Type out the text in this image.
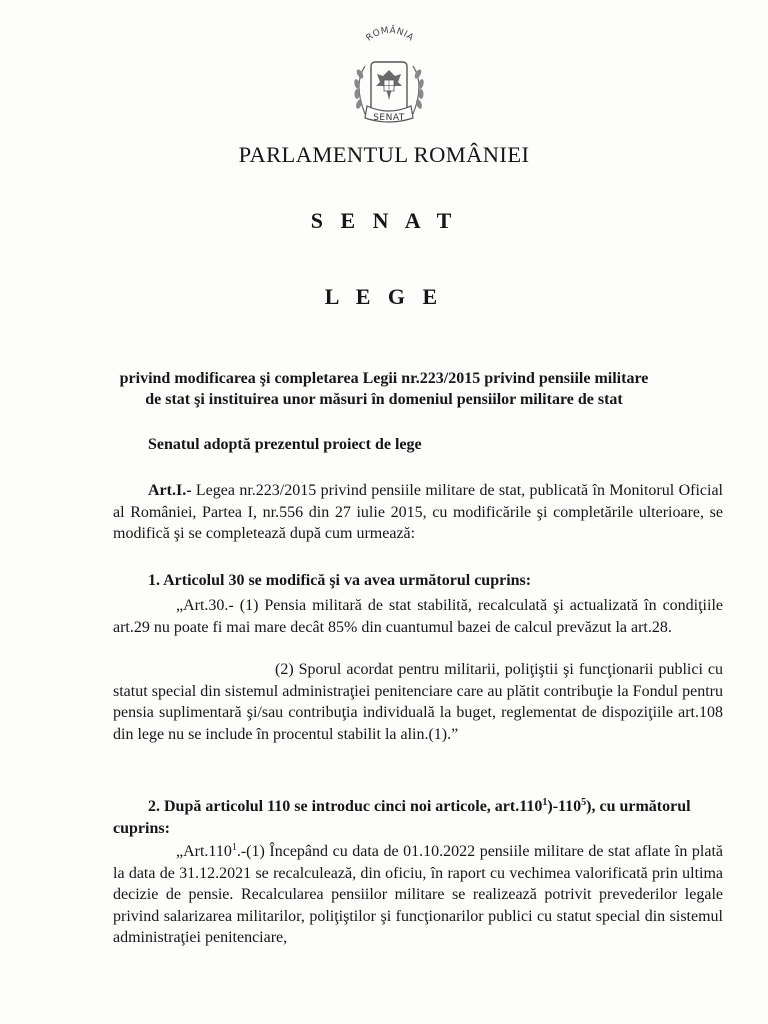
ROMÂNIA
SENAT
PARLAMENTUL ROMÂNIEI
S E N A T
L E G E

privind modificarea şi completarea Legii nr.223/2015 privind pensiile militare
de stat şi instituirea unor măsuri în domeniul pensiilor militare de stat

Senatul adoptă prezentul proiect de lege

Art.I.- Legea nr.223/2015 privind pensiile militare de stat, publicată în Monitorul Oficial al României, Partea I, nr.556 din 27 iulie 2015, cu modificările şi completările ulterioare, se modifică şi se completează după cum urmează:

1. Articolul 30 se modifică şi va avea următorul cuprins:

„Art.30.- (1) Pensia militară de stat stabilită, recalculată şi actualizată în condiţiile art.29 nu poate fi mai mare decât 85% din cuantumul bazei de calcul prevăzut la art.28.

(2) Sporul acordat pentru militarii, poliţiştii şi funcţionarii publici cu statut special din sistemul administraţiei penitenciare care au plătit contribuţie la Fondul pentru pensia suplimentară şi/sau contribuţia individuală la buget, reglementat de dispoziţiile art.108 din lege nu se include în procentul stabilit la alin.(1).”

2. După articolul 110 se introduc cinci noi articole, $art.110^1)-110^5$), cu următorul cuprins:

„Art.110$^1$.-(1) Începând cu data de 01.10.2022 pensiile militare de stat aflate în plată la data de 31.12.2021 se recalculează, din oficiu, în raport cu vechimea valorificată prin ultima decizie de pensie. Recalcularea pensiilor militare se realizează potrivit prevederilor legale privind salarizarea militarilor, poliţiştilor şi funcţionarilor publici cu statut special din sistemul administraţiei penitenciare,
